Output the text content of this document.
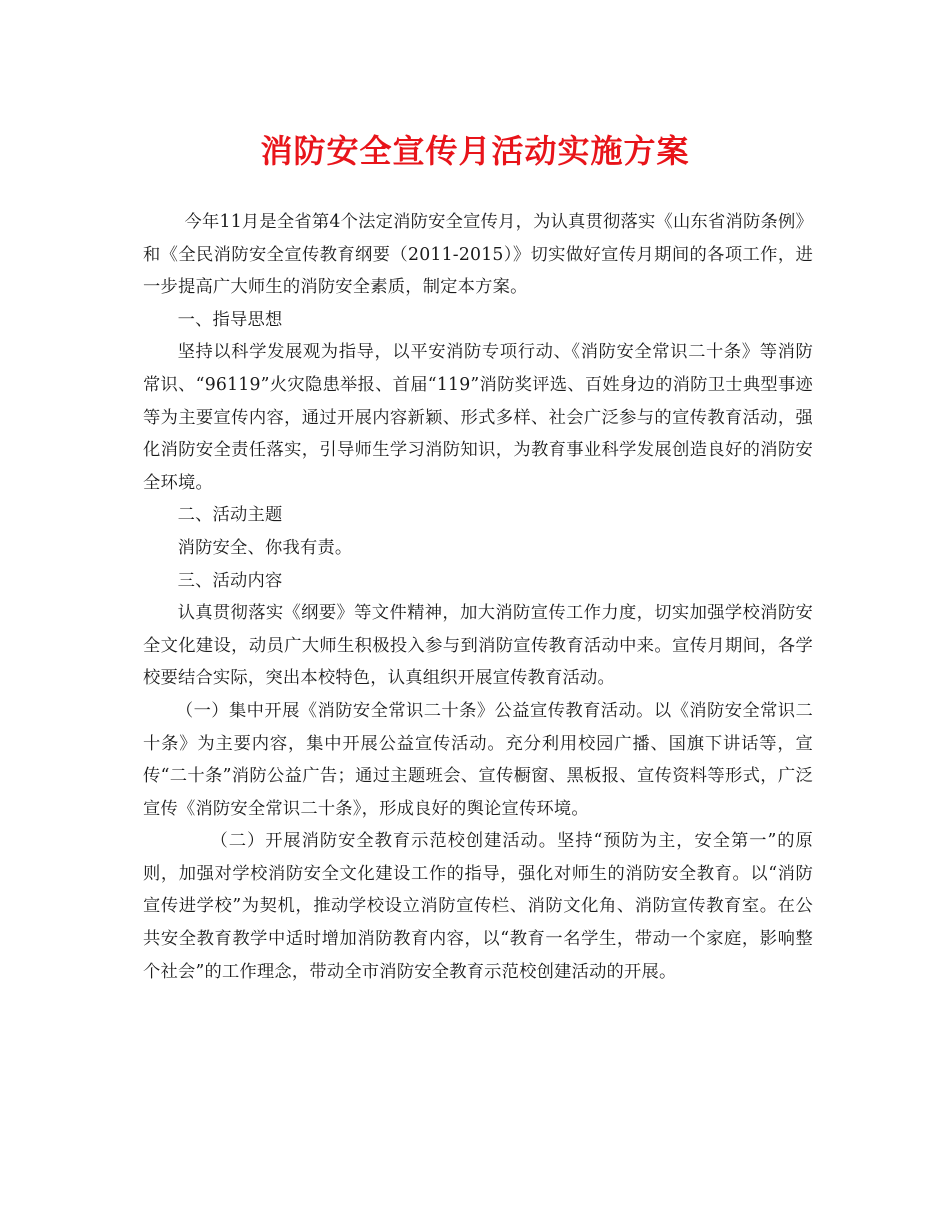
消防安全宣传月活动实施方案

今年11月是全省第4个法定消防安全宣传月，为认真贯彻落实《山东省消防条例》和《全民消防安全宣传教育纲要（2011-2015）》切实做好宣传月期间的各项工作，进一步提高广大师生的消防安全素质，制定本方案。

一、指导思想

坚持以科学发展观为指导，以平安消防专项行动、《消防安全常识二十条》等消防常识、“96119”火灾隐患举报、首届“119”消防奖评选、百姓身边的消防卫士典型事迹等为主要宣传内容，通过开展内容新颖、形式多样、社会广泛参与的宣传教育活动，强化消防安全责任落实，引导师生学习消防知识，为教育事业科学发展创造良好的消防安全环境。

二、活动主题

消防安全、你我有责。

三、活动内容

认真贯彻落实《纲要》等文件精神，加大消防宣传工作力度，切实加强学校消防安全文化建设，动员广大师生积极投入参与到消防宣传教育活动中来。宣传月期间，各学校要结合实际，突出本校特色，认真组织开展宣传教育活动。

（一）集中开展《消防安全常识二十条》公益宣传教育活动。以《消防安全常识二十条》为主要内容，集中开展公益宣传活动。充分利用校园广播、国旗下讲话等，宣传“二十条”消防公益广告；通过主题班会、宣传橱窗、黑板报、宣传资料等形式，广泛宣传《消防安全常识二十条》，形成良好的舆论宣传环境。

（二）开展消防安全教育示范校创建活动。坚持“预防为主，安全第一”的原则，加强对学校消防安全文化建设工作的指导，强化对师生的消防安全教育。以“消防宣传进学校”为契机，推动学校设立消防宣传栏、消防文化角、消防宣传教育室。在公共安全教育教学中适时增加消防教育内容，以“教育一名学生，带动一个家庭，影响整个社会”的工作理念，带动全市消防安全教育示范校创建活动的开展。
